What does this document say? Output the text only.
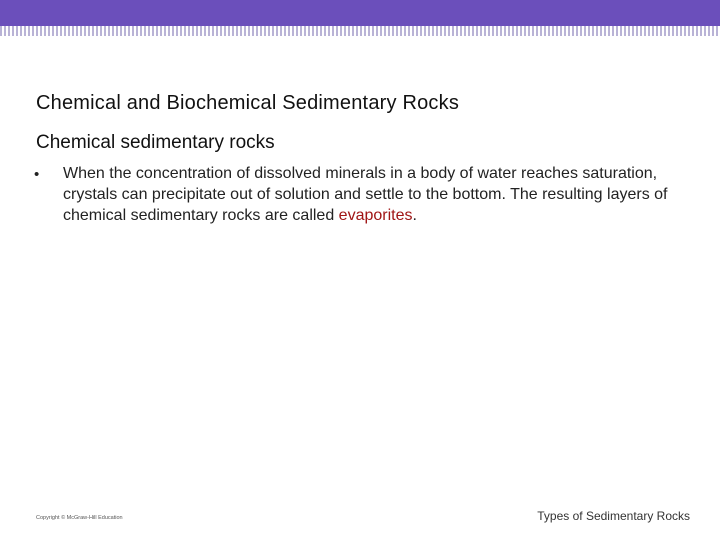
Chemical and Biochemical Sedimentary Rocks
Chemical sedimentary rocks
• When the concentration of dissolved minerals in a body of water reaches saturation, crystals can precipitate out of solution and settle to the bottom. The resulting layers of chemical sedimentary rocks are called evaporites.
Copyright © McGraw-Hill Education	Types of Sedimentary Rocks
